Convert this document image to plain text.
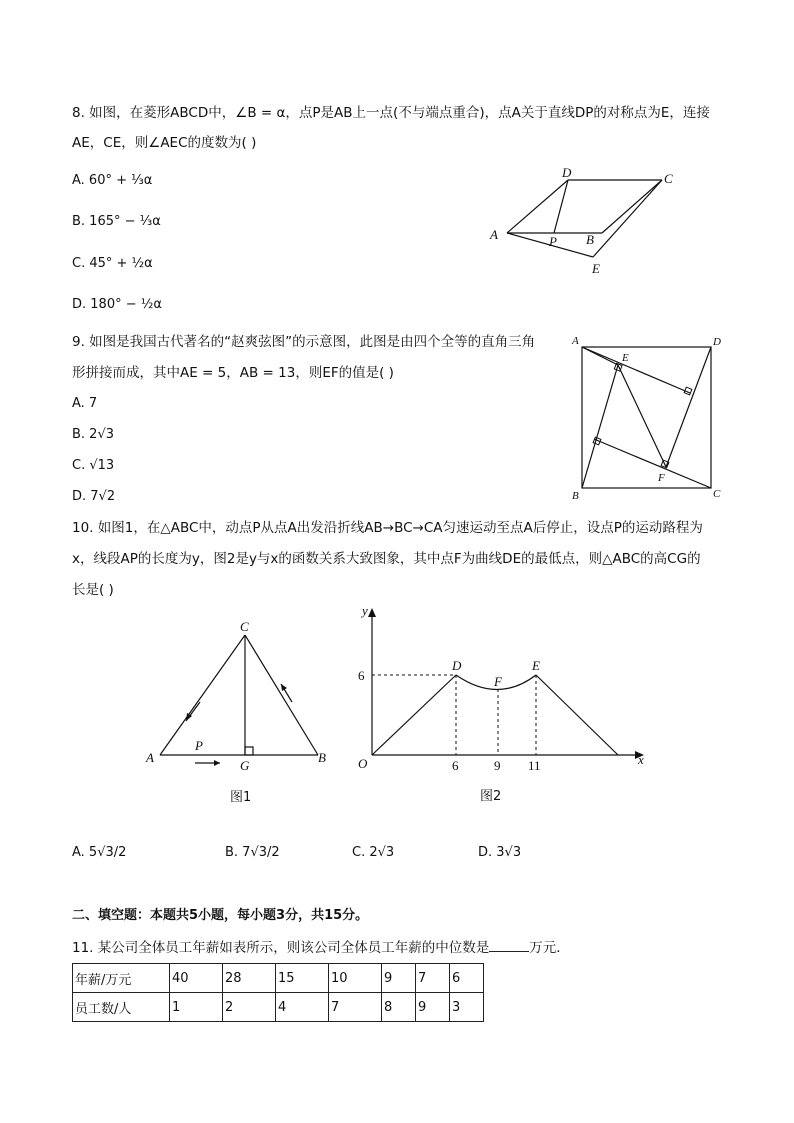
8. 如图，在菱形ABCD中，∠B = α，点P是AB上一点(不与端点重合)，点A关于直线DP的对称点为E，连接
AE，CE，则∠AEC的度数为( )
A. 60° + ⅓α
B. 165° − ⅓α
C. 45° + ½α
D. 180° − ½α
D	C
A	P B
E
9. 如图是我国古代著名的“赵爽弦图”的示意图，此图是由四个全等的直角三角
形拼接而成，其中AE = 5，AB = 13，则EF的值是( )
A. 7
B. 2√3
C. √13
D. 7√2
A	D
E
F
B	C
10. 如图1，在△ABC中，动点P从点A出发沿折线AB→BC→CA匀速运动至点A后停止，设点P的运动路程为
x，线段AP的长度为y，图2是y与x的函数关系大致图象，其中点F为曲线DE的最低点，则△ABC的高CG的
长是( )
C
A
P
G
B
图1
y
6
D
F
E
O	6	9 11	x
图2
A. 5√3/2	B. 7√3/2	C. 2√3	D. 3√3
二、填空题：本题共5小题，每小题3分，共15分。
11. 某公司全体员工年薪如表所示，则该公司全体员工年薪的中位数是	万元．
年薪/万元	40	28	15	10	9	7	6
员工数/人	1	2	4	7	8	9	3
